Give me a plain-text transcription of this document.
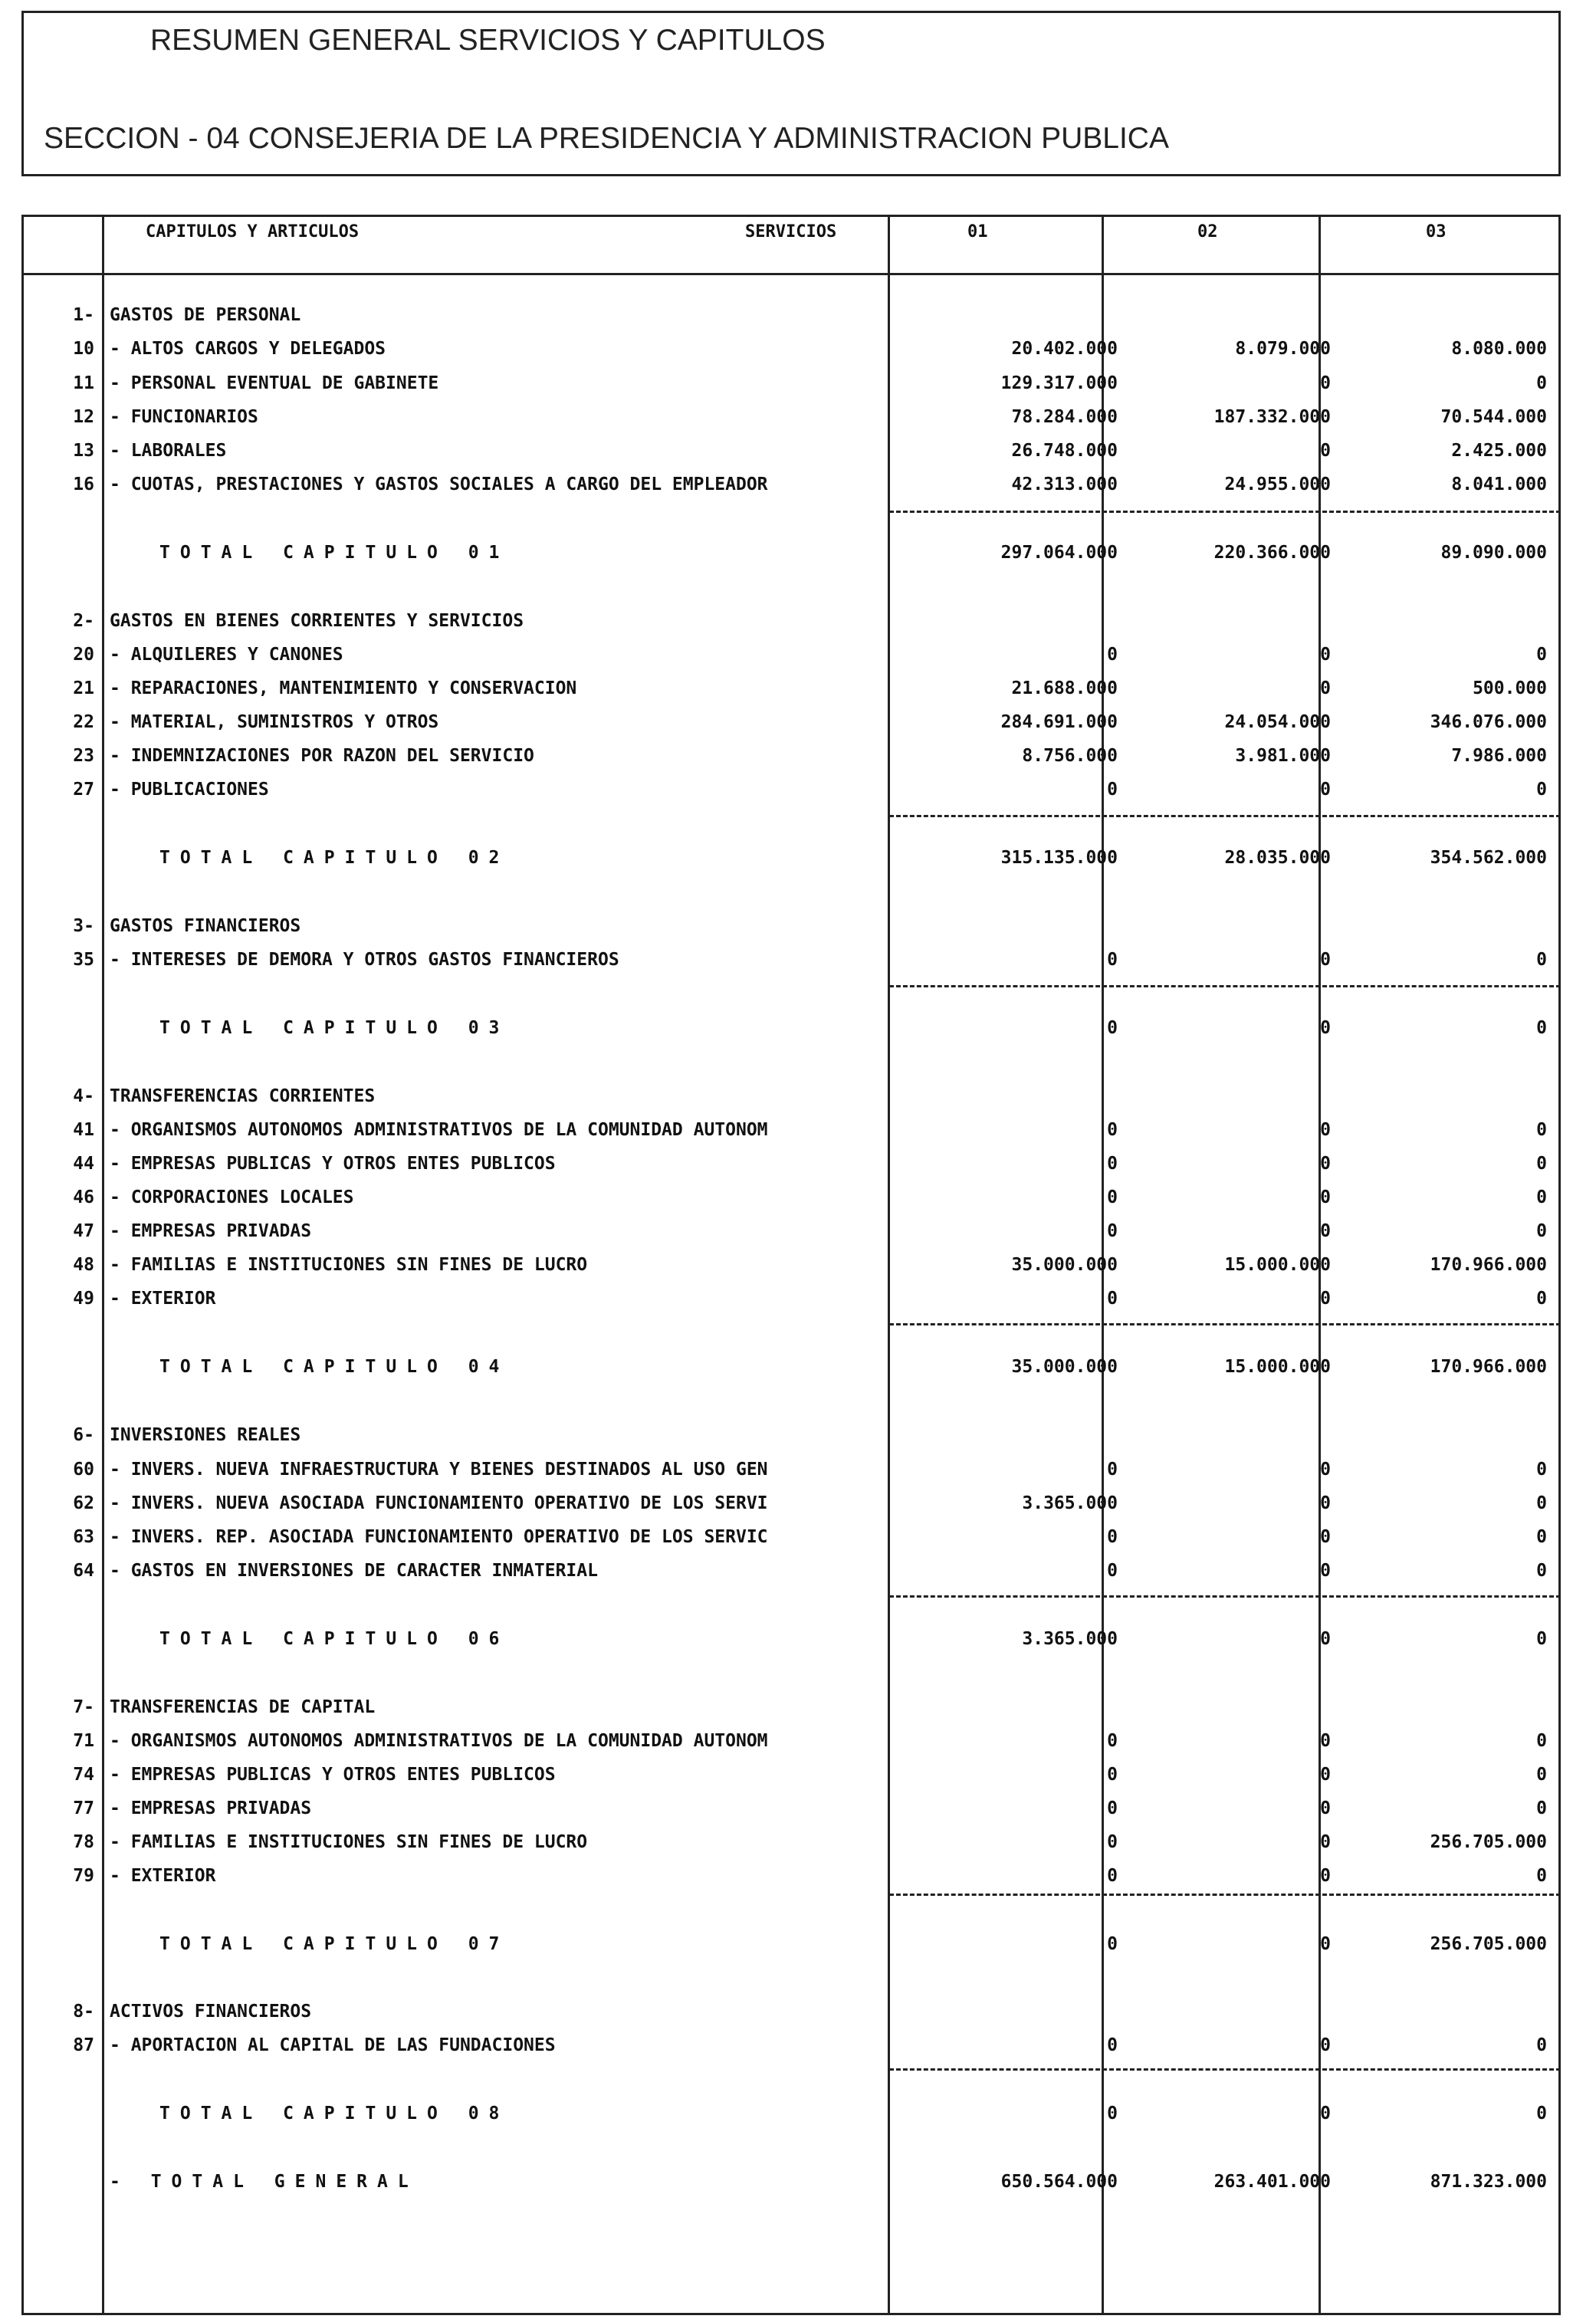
RESUMEN GENERAL SERVICIOS Y CAPITULOS
SECCION - 04 CONSEJERIA DE LA PRESIDENCIA Y ADMINISTRACION PUBLICA
CAPITULOS Y ARTICULOS	SERVICIOS	01	02	03
1- GASTOS DE PERSONAL
10 - ALTOS CARGOS Y DELEGADOS	20.402.000	8.079.000	8.080.000
11 - PERSONAL EVENTUAL DE GABINETE	129.317.000	0	0
12 - FUNCIONARIOS	78.284.000	187.332.000	70.544.000
13 - LABORALES	26.748.000	0	2.425.000
16 - CUOTAS, PRESTACIONES Y GASTOS SOCIALES A CARGO DEL EMPLEADOR	42.313.000	24.955.000	8.041.000
TOTAL CAPITULO 01	297.064.000	220.366.000	89.090.000
2- GASTOS EN BIENES CORRIENTES Y SERVICIOS
20 - ALQUILERES Y CANONES	0	0	0
21 - REPARACIONES, MANTENIMIENTO Y CONSERVACION	21.688.000	0	500.000
22 - MATERIAL, SUMINISTROS Y OTROS	284.691.000	24.054.000	346.076.000
23 - INDEMNIZACIONES POR RAZON DEL SERVICIO	8.756.000	3.981.000	7.986.000
27 - PUBLICACIONES	0	0	0
TOTAL CAPITULO 02	315.135.000	28.035.000	354.562.000
3- GASTOS FINANCIEROS
35 - INTERESES DE DEMORA Y OTROS GASTOS FINANCIEROS	0	0	0
TOTAL CAPITULO 03	0	0	0
4- TRANSFERENCIAS CORRIENTES
41 - ORGANISMOS AUTONOMOS ADMINISTRATIVOS DE LA COMUNIDAD AUTONOM	0	0	0
44 - EMPRESAS PUBLICAS Y OTROS ENTES PUBLICOS	0	0	0
46 - CORPORACIONES LOCALES	0	0	0
47 - EMPRESAS PRIVADAS	0	0	0
48 - FAMILIAS E INSTITUCIONES SIN FINES DE LUCRO	35.000.000	15.000.000	170.966.000
49 - EXTERIOR	0	0	0
TOTAL CAPITULO 04	35.000.000	15.000.000	170.966.000
6- INVERSIONES REALES
60 - INVERS. NUEVA INFRAESTRUCTURA Y BIENES DESTINADOS AL USO GEN	0	0	0
62 - INVERS. NUEVA ASOCIADA FUNCIONAMIENTO OPERATIVO DE LOS SERVI	3.365.000	0	0
63 - INVERS. REP. ASOCIADA FUNCIONAMIENTO OPERATIVO DE LOS SERVIC	0	0	0
64 - GASTOS EN INVERSIONES DE CARACTER INMATERIAL	0	0	0
TOTAL CAPITULO 06	3.365.000	0	0
7- TRANSFERENCIAS DE CAPITAL
71 - ORGANISMOS AUTONOMOS ADMINISTRATIVOS DE LA COMUNIDAD AUTONOM	0	0	0
74 - EMPRESAS PUBLICAS Y OTROS ENTES PUBLICOS	0	0	0
77 - EMPRESAS PRIVADAS	0	0	0
78 - FAMILIAS E INSTITUCIONES SIN FINES DE LUCRO	0	0	256.705.000
79 - EXTERIOR	0	0	0
TOTAL CAPITULO 07	0	0	256.705.000
8- ACTIVOS FINANCIEROS
87 - APORTACION AL CAPITAL DE LAS FUNDACIONES	0	0	0
TOTAL CAPITULO 08	0	0	0
- TOTAL GENERAL	650.564.000	263.401.000	871.323.000
